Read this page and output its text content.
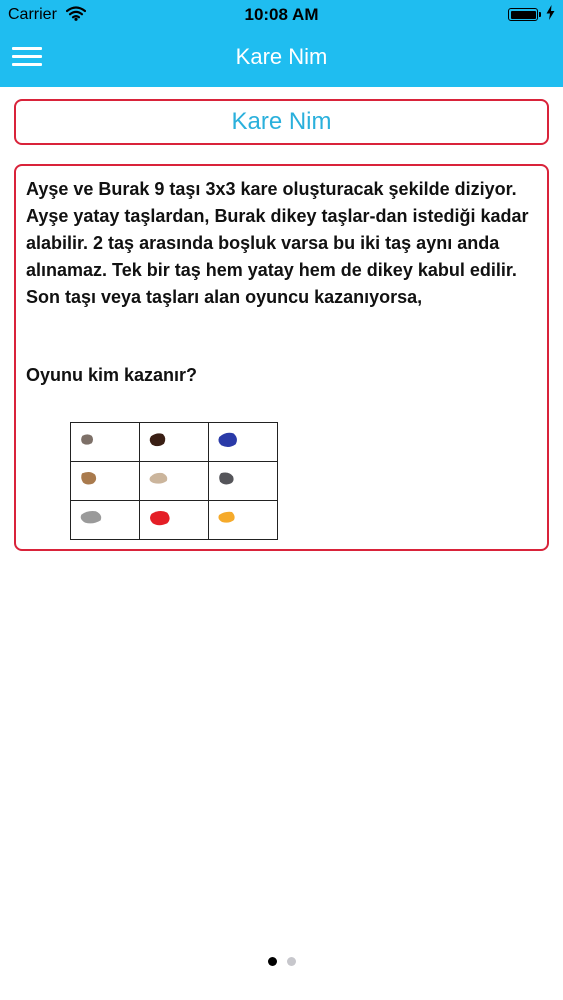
Carrier	10:08 AM
Kare Nim
Kare Nim

Ayşe ve Burak 9 taşı 3x3 kare oluşturacak şekilde diziyor. Ayşe yatay taşlardan, Burak dikey taşlar-dan istediği kadar alabilir. 2 taş arasında boşluk varsa bu iki taş aynı anda alınamaz. Tek bir taş hem yatay hem de dikey kabul edilir. Son taşı veya taşları alan oyuncu kazanıyorsa,

Oyunu kim kazanır?
